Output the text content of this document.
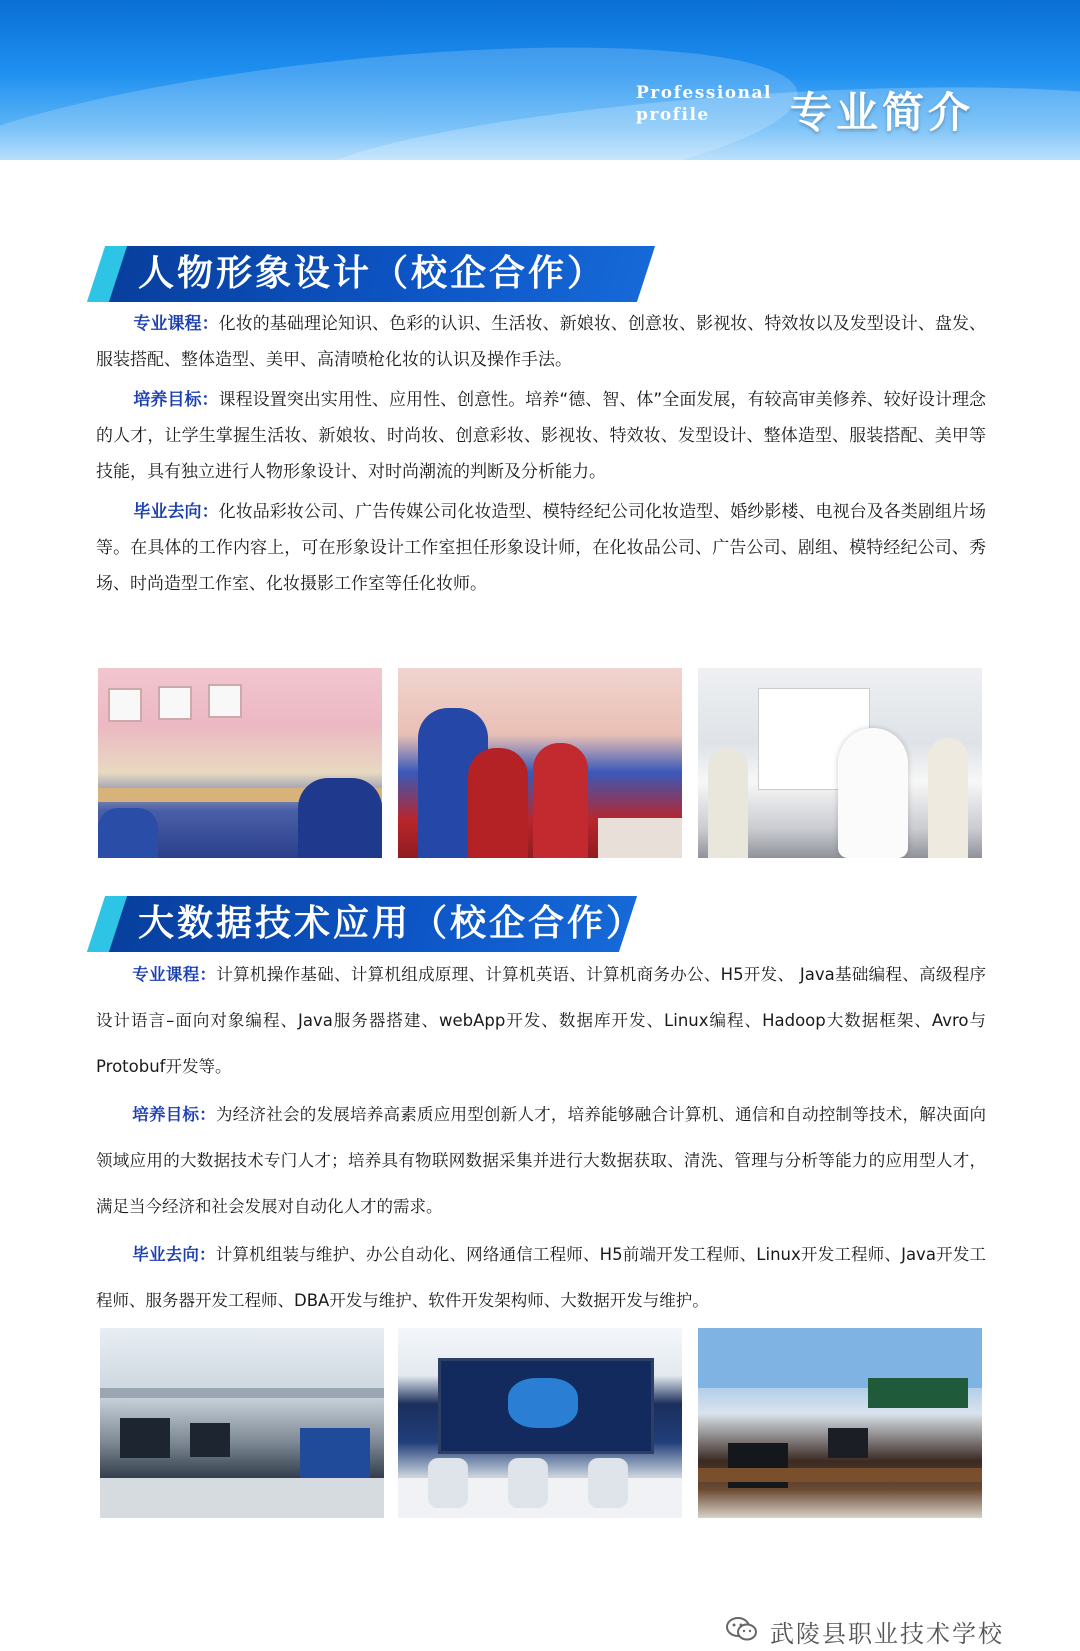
Professional profile	专业简介
人物形象设计（校企合作）

专业课程：化妆的基础理论知识、色彩的认识、生活妆、新娘妆、创意妆、影视妆、特效妆以及发型设计、盘发、服装搭配、整体造型、美甲、高清喷枪化妆的认识及操作手法。

培养目标：课程设置突出实用性、应用性、创意性。培养“德、智、体”全面发展，有较高审美修养、较好设计理念的人才，让学生掌握生活妆、新娘妆、时尚妆、创意彩妆、影视妆、特效妆、发型设计、整体造型、服装搭配、美甲等技能，具有独立进行人物形象设计、对时尚潮流的判断及分析能力。

毕业去向：化妆品彩妆公司、广告传媒公司化妆造型、模特经纪公司化妆造型、婚纱影楼、电视台及各类剧组片场等。在具体的工作内容上，可在形象设计工作室担任形象设计师，在化妆品公司、广告公司、剧组、模特经纪公司、秀场、时尚造型工作室、化妆摄影工作室等任化妆师。

大数据技术应用（校企合作）

专业课程：计算机操作基础、计算机组成原理、计算机英语、计算机商务办公、H5开发、 Java基础编程、高级程序设计语言–面向对象编程、Java服务器搭建、webApp开发、数据库开发、Linux编程、Hadoop大数据框架、Avro与Protobuf开发等。

培养目标：为经济社会的发展培养高素质应用型创新人才，培养能够融合计算机、通信和自动控制等技术，解决面向领域应用的大数据技术专门人才；培养具有物联网数据采集并进行大数据获取、清洗、管理与分析等能力的应用型人才，满足当今经济和社会发展对自动化人才的需求。

毕业去向：计算机组装与维护、办公自动化、网络通信工程师、H5前端开发工程师、Linux开发工程师、Java开发工程师、服务器开发工程师、DBA开发与维护、软件开发架构师、大数据开发与维护。

武陵县职业技术学校
